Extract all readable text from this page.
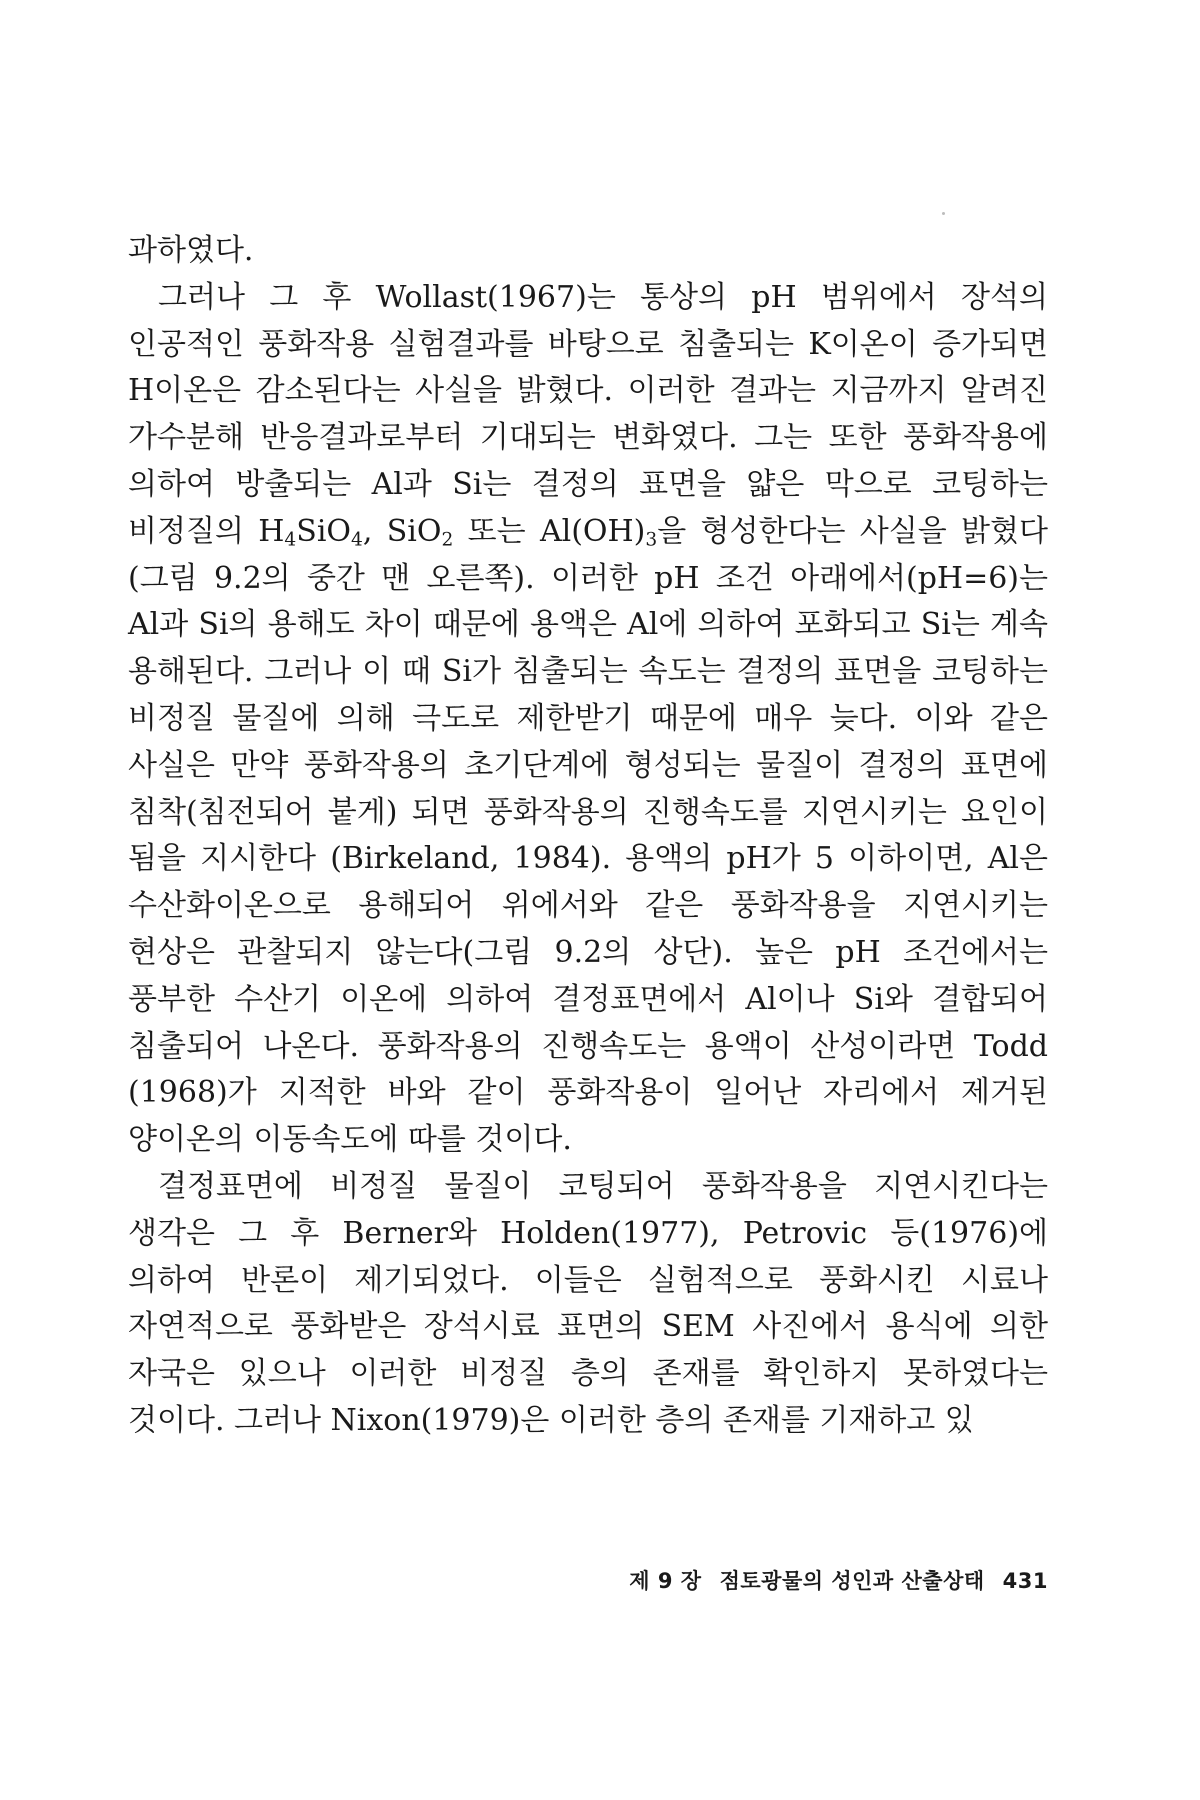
과하였다.

그러나 그 후 Wollast(1967)는 통상의 pH 범위에서 장석의 인공적인 풍화작용 실험결과를 바탕으로 침출되는 K이온이 증가되면 H이온은 감소된다는 사실을 밝혔다. 이러한 결과는 지금까지 알려진 가수분해 반응결과로부터 기대되는 변화였다. 그는 또한 풍화작용에 의하여 방출되는 Al과 Si는 결정의 표면을 얇은 막으로 코팅하는 비정질의 $H_4SiO_4$, SiO$_2$ 또는 $Al(OH)_3$을 형성한다는 사실을 밝혔다(그림 9.2의 중간 맨 오른쪽). 이러한 pH 조건 아래에서(pH=6)는 Al과 Si의 용해도 차이 때문에 용액은 Al에 의하여 포화되고 Si는 계속 용해된다. 그러나 이 때 Si가 침출되는 속도는 결정의 표면을 코팅하는 비정질 물질에 의해 극도로 제한받기 때문에 매우 늦다. 이와 같은 사실은 만약 풍화작용의 초기단계에 형성되는 물질이 결정의 표면에 침착(침전되어 붙게) 되면 풍화작용의 진행속도를 지연시키는 요인이 됨을 지시한다 (Birkeland, 1984). 용액의 pH가 5 이하이면, Al은 수산화이온으로 용해되어 위에서와 같은 풍화작용을 지연시키는 현상은 관찰되지 않는다(그림 9.2의 상단). 높은 pH 조건에서는 풍부한 수산기 이온에 의하여 결정표면에서 Al이나 Si와 결합되어 침출되어 나온다. 풍화작용의 진행속도는 용액이 산성이라면 Todd (1968)가 지적한 바와 같이 풍화작용이 일어난 자리에서 제거된 양이온의 이동속도에 따를 것이다.

결정표면에 비정질 물질이 코팅되어 풍화작용을 지연시킨다는 생각은 그 후 Berner와 Holden(1977), Petrovic 등(1976)에 의하여 반론이 제기되었다. 이들은 실험적으로 풍화시킨 시료나 자연적으로 풍화받은 장석시료 표면의 SEM 사진에서 용식에 의한 자국은 있으나 이러한 비정질 층의 존재를 확인하지 못하였다는 것이다. 그러나 Nixon(1979)은 이러한 층의 존재를 기재하고 있

제 9 장 점토광물의 성인과 산출상태 431
